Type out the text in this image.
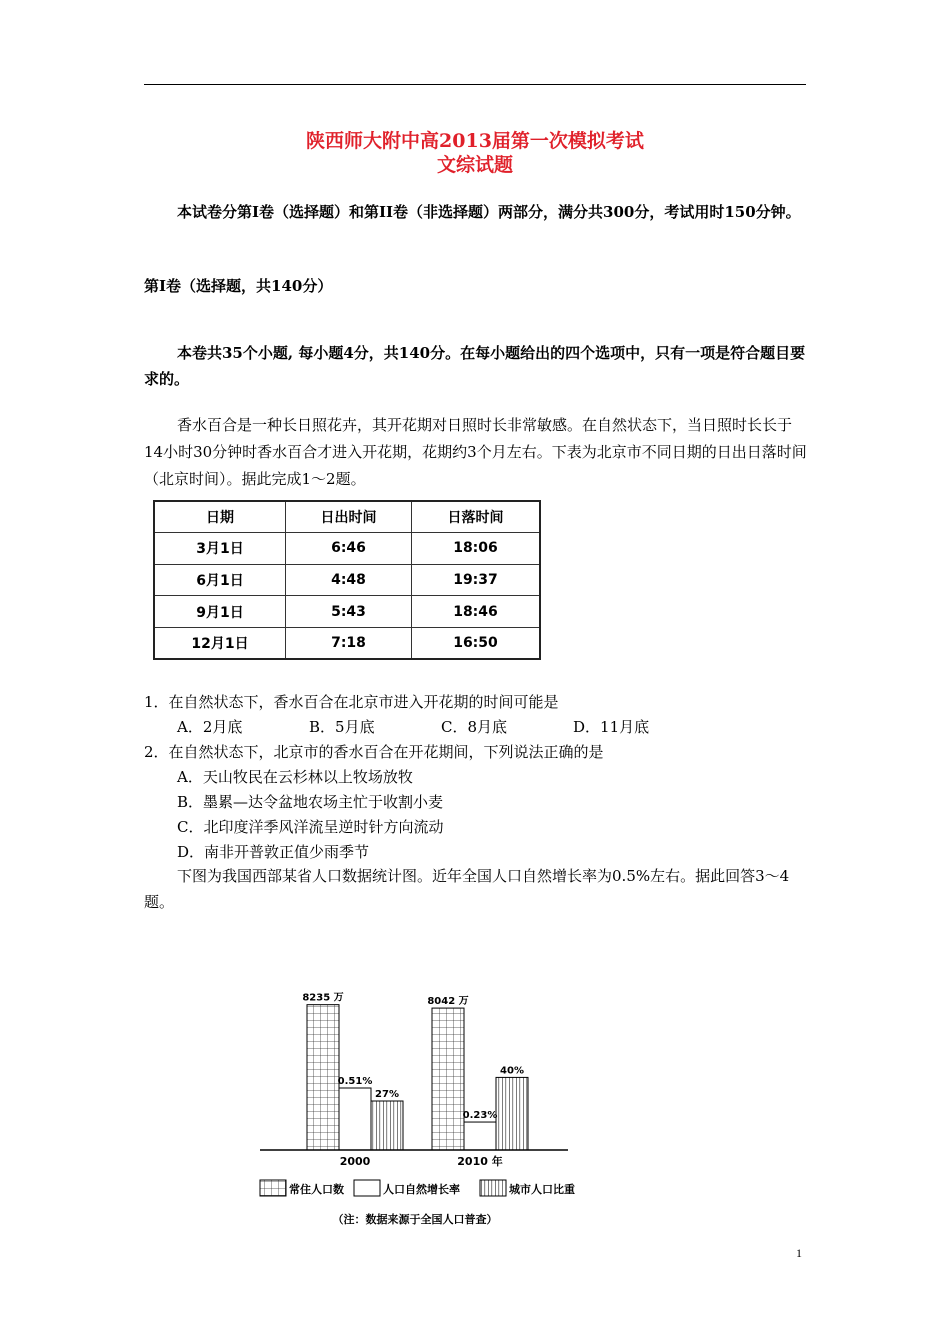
陕西师大附中高2013届第一次模拟考试
文综试题
本试卷分第Ⅰ卷（选择题）和第II卷（非选择题）两部分，满分共300分，考试用时150分钟。
第Ⅰ卷（选择题，共140分）
本卷共35个小题, 每小题4分，共140分。在每小题给出的四个选项中，只有一项是符合题目要求的。
香水百合是一种长日照花卉，其开花期对日照时长非常敏感。在自然状态下，当日照时长长于14小时30分钟时香水百合才进入开花期，花期约3个月左右。下表为北京市不同日期的日出日落时间（北京时间）。据此完成1～2题。
日期	日出时间	日落时间
3月1日	6:46	18:06
6月1日	4:48	19:37
9月1日	5:43	18:46
12月1日	7:18	16:50
1．在自然状态下，香水百合在北京市进入开花期的时间可能是
A．2月底	B．5月底	C．8月底	D．11月底
2．在自然状态下，北京市的香水百合在开花期间，下列说法正确的是
A．天山牧民在云杉林以上牧场放牧
B．墨累—达令盆地农场主忙于收割小麦
C．北印度洋季风洋流呈逆时针方向流动
D．南非开普敦正值少雨季节
下图为我国西部某省人口数据统计图。近年全国人口自然增长率为0.5%左右。据此回答3～4题。
8235 万
0.51%
27%
8042 万
0.23%
40%
2000	2010 年
常住人口数	人口自然增长率	城市人口比重
（注：数据来源于全国人口普查）
1
